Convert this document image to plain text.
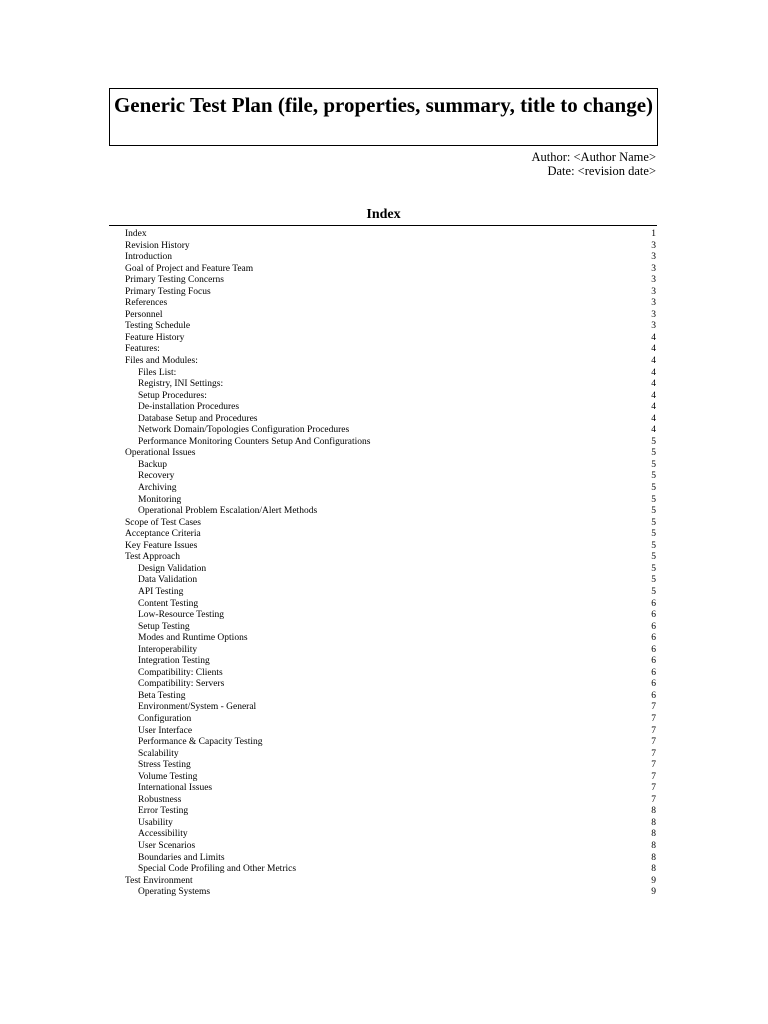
Generic Test Plan (file, properties, summary, title to change)
Author: <Author Name>
Date: <revision date>
Index
Index	1
Revision History	3
Introduction	3
Goal of Project and Feature Team	3
Primary Testing Concerns	3
Primary Testing Focus	3
References	3
Personnel	3
Testing Schedule	3
Feature History	4
Features:	4
Files and Modules:	4
Files List:	4
Registry, INI Settings:	4
Setup Procedures:	4
De-installation Procedures	4
Database Setup and Procedures	4
Network Domain/Topologies Configuration Procedures	4
Performance Monitoring Counters Setup And Configurations	5
Operational Issues	5
Backup	5
Recovery	5
Archiving	5
Monitoring	5
Operational Problem Escalation/Alert Methods	5
Scope of Test Cases	5
Acceptance Criteria	5
Key Feature Issues	5
Test Approach	5
Design Validation	5
Data Validation	5
API Testing	5
Content Testing	6
Low-Resource Testing	6
Setup Testing	6
Modes and Runtime Options	6
Interoperability	6
Integration Testing	6
Compatibility: Clients	6
Compatibility: Servers	6
Beta Testing	6
Environment/System - General	7
Configuration	7
User Interface	7
Performance & Capacity Testing	7
Scalability	7
Stress Testing	7
Volume Testing	7
International Issues	7
Robustness	7
Error Testing	8
Usability	8
Accessibility	8
User Scenarios	8
Boundaries and Limits	8
Special Code Profiling and Other Metrics	8
Test Environment	9
Operating Systems	9
